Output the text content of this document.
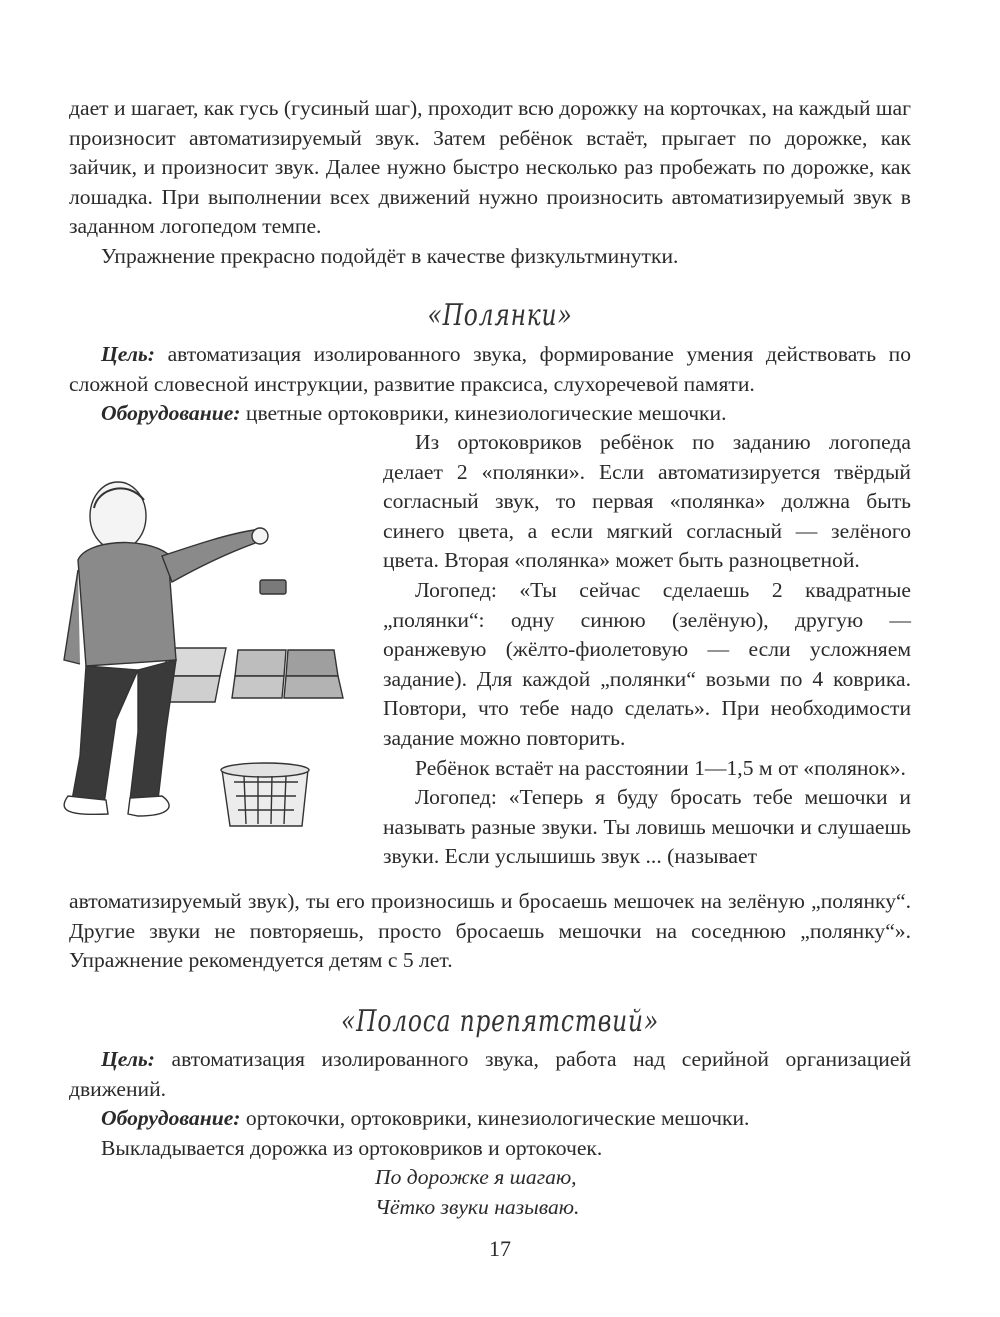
дает и шагает, как гусь (гусиный шаг), проходит всю дорожку на корточках, на каждый шаг произносит автоматизируемый звук. Затем ребёнок встаёт, прыгает по дорожке, как зайчик, и произносит звук. Далее нужно быстро несколько раз пробежать по дорожке, как лошадка. При выполнении всех движений нужно произносить автоматизируемый звук в заданном логопедом темпе.

Упражнение прекрасно подойдёт в качестве физкультминутки.

«Полянки»

Цель: автоматизация изолированного звука, формирование умения действовать по сложной словесной инструкции, развитие праксиса, слухоречевой памяти.

Оборудование: цветные ортоковрики, кинезиологические мешочки.

Из ортоковриков ребёнок по заданию логопеда делает 2 «полянки». Если автоматизируется твёрдый согласный звук, то первая «полянка» должна быть синего цвета, а если мягкий согласный — зелёного цвета. Вторая «полянка» может быть разноцветной.

Логопед: «Ты сейчас сделаешь 2 квадратные „полянки“: одну синюю (зелёную), другую — оранжевую (жёлто-фиолетовую — если усложняем задание). Для каждой „полянки“ возьми по 4 коврика. Повтори, что тебе надо сделать». При необходимости задание можно повторить.

Ребёнок встаёт на расстоянии 1—1,5 м от «полянок».

Логопед: «Теперь я буду бросать тебе мешочки и называть разные звуки. Ты ловишь мешочки и слушаешь звуки. Если услышишь звук ... (называет

автоматизируемый звук), ты его произносишь и бросаешь мешочек на зелёную „полянку“. Другие звуки не повторяешь, просто бросаешь мешочки на соседнюю „полянку“». Упражнение рекомендуется детям с 5 лет.
«Полоса препятствий»

Цель: автоматизация изолированного звука, работа над серийной организацией движений.

Оборудование: ортокочки, ортоковрики, кинезиологические мешочки.

Выкладывается дорожка из ортоковриков и ортокочек.

По дорожке я шагаю,
Чётко звуки называю.
17
